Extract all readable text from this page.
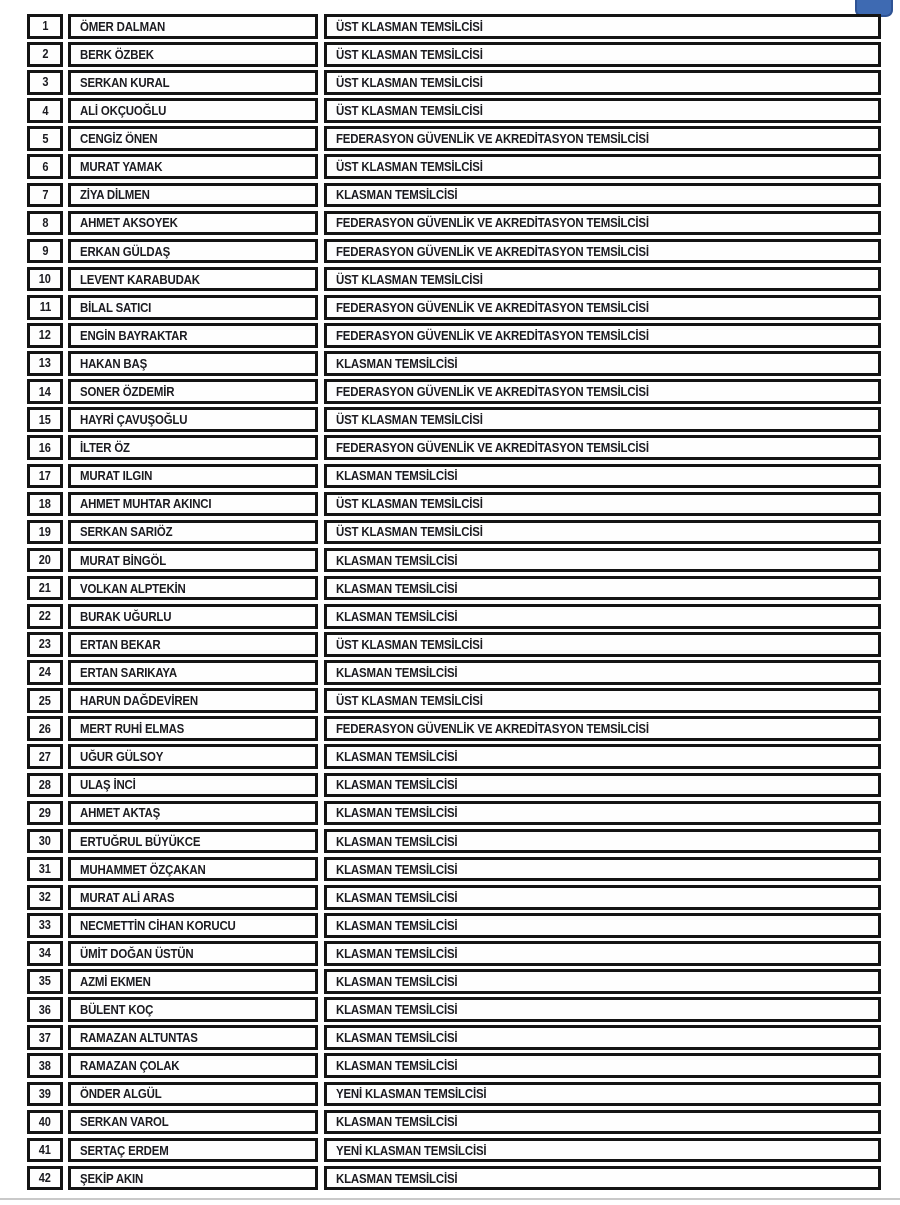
1 ÖMER DALMAN	ÜST KLASMAN TEMSİLCİSİ
2 BERK ÖZBEK	ÜST KLASMAN TEMSİLCİSİ
3 SERKAN KURAL	ÜST KLASMAN TEMSİLCİSİ
4 ALİ OKÇUOĞLU	ÜST KLASMAN TEMSİLCİSİ
5 CENGİZ ÖNEN	FEDERASYON GÜVENLİK VE AKREDİTASYON TEMSİLCİSİ
6 MURAT YAMAK	ÜST KLASMAN TEMSİLCİSİ
7 ZİYA DİLMEN	KLASMAN TEMSİLCİSİ
8 AHMET AKSOYEK	FEDERASYON GÜVENLİK VE AKREDİTASYON TEMSİLCİSİ
9 ERKAN GÜLDAŞ	FEDERASYON GÜVENLİK VE AKREDİTASYON TEMSİLCİSİ
10 LEVENT KARABUDAK	ÜST KLASMAN TEMSİLCİSİ
11 BİLAL SATICI	FEDERASYON GÜVENLİK VE AKREDİTASYON TEMSİLCİSİ
12 ENGİN BAYRAKTAR	FEDERASYON GÜVENLİK VE AKREDİTASYON TEMSİLCİSİ
13 HAKAN BAŞ	KLASMAN TEMSİLCİSİ
14 SONER ÖZDEMİR	FEDERASYON GÜVENLİK VE AKREDİTASYON TEMSİLCİSİ
15 HAYRİ ÇAVUŞOĞLU	ÜST KLASMAN TEMSİLCİSİ
16 İLTER ÖZ	FEDERASYON GÜVENLİK VE AKREDİTASYON TEMSİLCİSİ
17 MURAT ILGIN	KLASMAN TEMSİLCİSİ
18 AHMET MUHTAR AKINCI	ÜST KLASMAN TEMSİLCİSİ
19 SERKAN SARIÖZ	ÜST KLASMAN TEMSİLCİSİ
20 MURAT BİNGÖL	KLASMAN TEMSİLCİSİ
21 VOLKAN ALPTEKİN	KLASMAN TEMSİLCİSİ
22 BURAK UĞURLU	KLASMAN TEMSİLCİSİ
23 ERTAN BEKAR	ÜST KLASMAN TEMSİLCİSİ
24 ERTAN SARIKAYA	KLASMAN TEMSİLCİSİ
25 HARUN DAĞDEVİREN	ÜST KLASMAN TEMSİLCİSİ
26 MERT RUHİ ELMAS	FEDERASYON GÜVENLİK VE AKREDİTASYON TEMSİLCİSİ
27 UĞUR GÜLSOY	KLASMAN TEMSİLCİSİ
28 ULAŞ İNCİ	KLASMAN TEMSİLCİSİ
29 AHMET AKTAŞ	KLASMAN TEMSİLCİSİ
30 ERTUĞRUL BÜYÜKCE	KLASMAN TEMSİLCİSİ
31 MUHAMMET ÖZÇAKAN	KLASMAN TEMSİLCİSİ
32 MURAT ALİ ARAS	KLASMAN TEMSİLCİSİ
33 NECMETTİN CİHAN KORUCU	KLASMAN TEMSİLCİSİ
34 ÜMİT DOĞAN ÜSTÜN	KLASMAN TEMSİLCİSİ
35 AZMİ EKMEN	KLASMAN TEMSİLCİSİ
36 BÜLENT KOÇ	KLASMAN TEMSİLCİSİ
37 RAMAZAN ALTUNTAS	KLASMAN TEMSİLCİSİ
38 RAMAZAN ÇOLAK	KLASMAN TEMSİLCİSİ
39 ÖNDER ALGÜL	YENİ KLASMAN TEMSİLCİSİ
40 SERKAN VAROL	KLASMAN TEMSİLCİSİ
41 SERTAÇ ERDEM	YENİ KLASMAN TEMSİLCİSİ
42 ŞEKİP AKIN	KLASMAN TEMSİLCİSİ
